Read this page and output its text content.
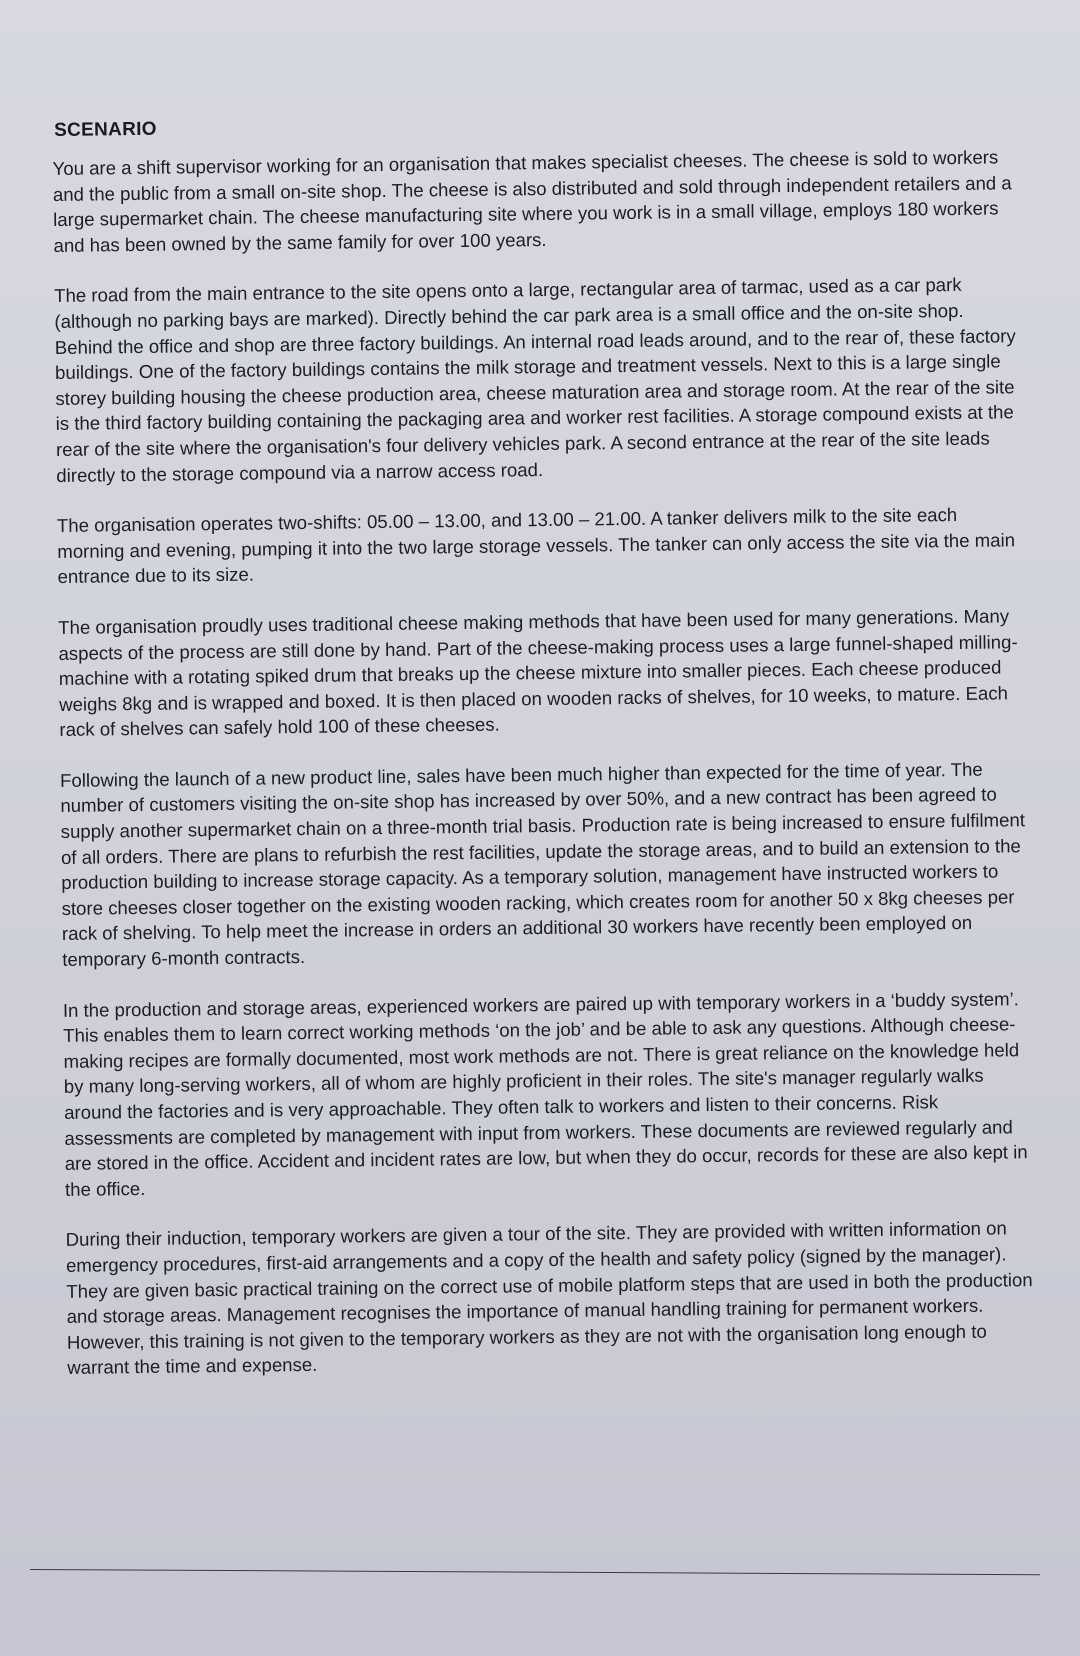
SCENARIO

You are a shift supervisor working for an organisation that makes specialist cheeses. The cheese is sold to workers and the public from a small on-site shop. The cheese is also distributed and sold through independent retailers and a large supermarket chain. The cheese manufacturing site where you work is in a small village, employs 180 workers and has been owned by the same family for over 100 years.

The road from the main entrance to the site opens onto a large, rectangular area of tarmac, used as a car park (although no parking bays are marked). Directly behind the car park area is a small office and the on-site shop. Behind the office and shop are three factory buildings. An internal road leads around, and to the rear of, these factory buildings. One of the factory buildings contains the milk storage and treatment vessels. Next to this is a large single storey building housing the cheese production area, cheese maturation area and storage room. At the rear of the site is the third factory building containing the packaging area and worker rest facilities. A storage compound exists at the rear of the site where the organisation's four delivery vehicles park. A second entrance at the rear of the site leads directly to the storage compound via a narrow access road.

The organisation operates two-shifts: 05.00 – 13.00, and 13.00 – 21.00. A tanker delivers milk to the site each morning and evening, pumping it into the two large storage vessels. The tanker can only access the site via the main entrance due to its size.

The organisation proudly uses traditional cheese making methods that have been used for many generations. Many aspects of the process are still done by hand. Part of the cheese-making process uses a large funnel-shaped milling-machine with a rotating spiked drum that breaks up the cheese mixture into smaller pieces. Each cheese produced weighs 8kg and is wrapped and boxed. It is then placed on wooden racks of shelves, for 10 weeks, to mature. Each rack of shelves can safely hold 100 of these cheeses.

Following the launch of a new product line, sales have been much higher than expected for the time of year. The number of customers visiting the on-site shop has increased by over 50%, and a new contract has been agreed to supply another supermarket chain on a three-month trial basis. Production rate is being increased to ensure fulfilment of all orders. There are plans to refurbish the rest facilities, update the storage areas, and to build an extension to the production building to increase storage capacity. As a temporary solution, management have instructed workers to store cheeses closer together on the existing wooden racking, which creates room for another 50 x 8kg cheeses per rack of shelving. To help meet the increase in orders an additional 30 workers have recently been employed on temporary 6-month contracts.

In the production and storage areas, experienced workers are paired up with temporary workers in a ‘buddy system’. This enables them to learn correct working methods ‘on the job’ and be able to ask any questions. Although cheese-making recipes are formally documented, most work methods are not. There is great reliance on the knowledge held by many long-serving workers, all of whom are highly proficient in their roles. The site's manager regularly walks around the factories and is very approachable. They often talk to workers and listen to their concerns. Risk assessments are completed by management with input from workers. These documents are reviewed regularly and are stored in the office. Accident and incident rates are low, but when they do occur, records for these are also kept in the office.

During their induction, temporary workers are given a tour of the site. They are provided with written information on emergency procedures, first-aid arrangements and a copy of the health and safety policy (signed by the manager). They are given basic practical training on the correct use of mobile platform steps that are used in both the production and storage areas. Management recognises the importance of manual handling training for permanent workers. However, this training is not given to the temporary workers as they are not with the organisation long enough to warrant the time and expense.
